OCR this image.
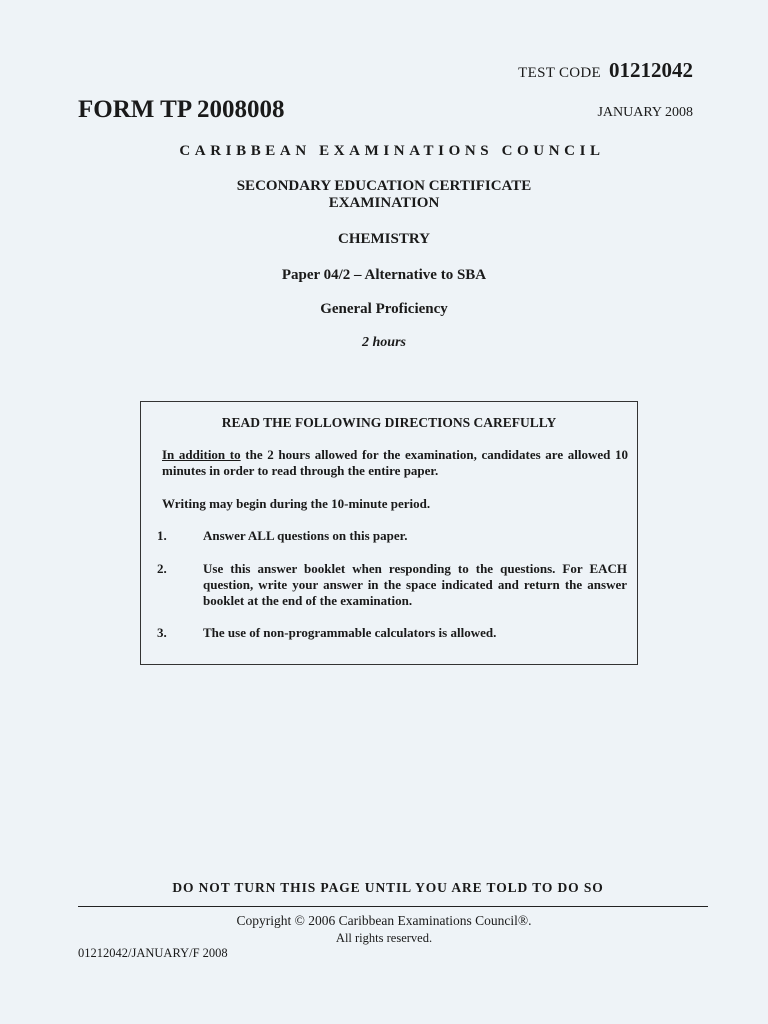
TEST CODE 01212042
FORM TP 2008008	JANUARY 2008
CARIBBEAN EXAMINATIONS COUNCIL
SECONDARY EDUCATION CERTIFICATE
EXAMINATION
CHEMISTRY
Paper 04/2 – Alternative to SBA
General Proficiency
2 hours
READ THE FOLLOWING DIRECTIONS CAREFULLY
In addition to the 2 hours allowed for the examination, candidates are allowed 10 minutes in order to read through the entire paper.
Writing may begin during the 10-minute period.
1.	Answer ALL questions on this paper.
2.	Use this answer booklet when responding to the questions. For EACH question, write your answer in the space indicated and return the answer booklet at the end of the examination.
3.	The use of non-programmable calculators is allowed.
DO NOT TURN THIS PAGE UNTIL YOU ARE TOLD TO DO SO
Copyright © 2006 Caribbean Examinations Council®.
All rights reserved.
01212042/JANUARY/F 2008
